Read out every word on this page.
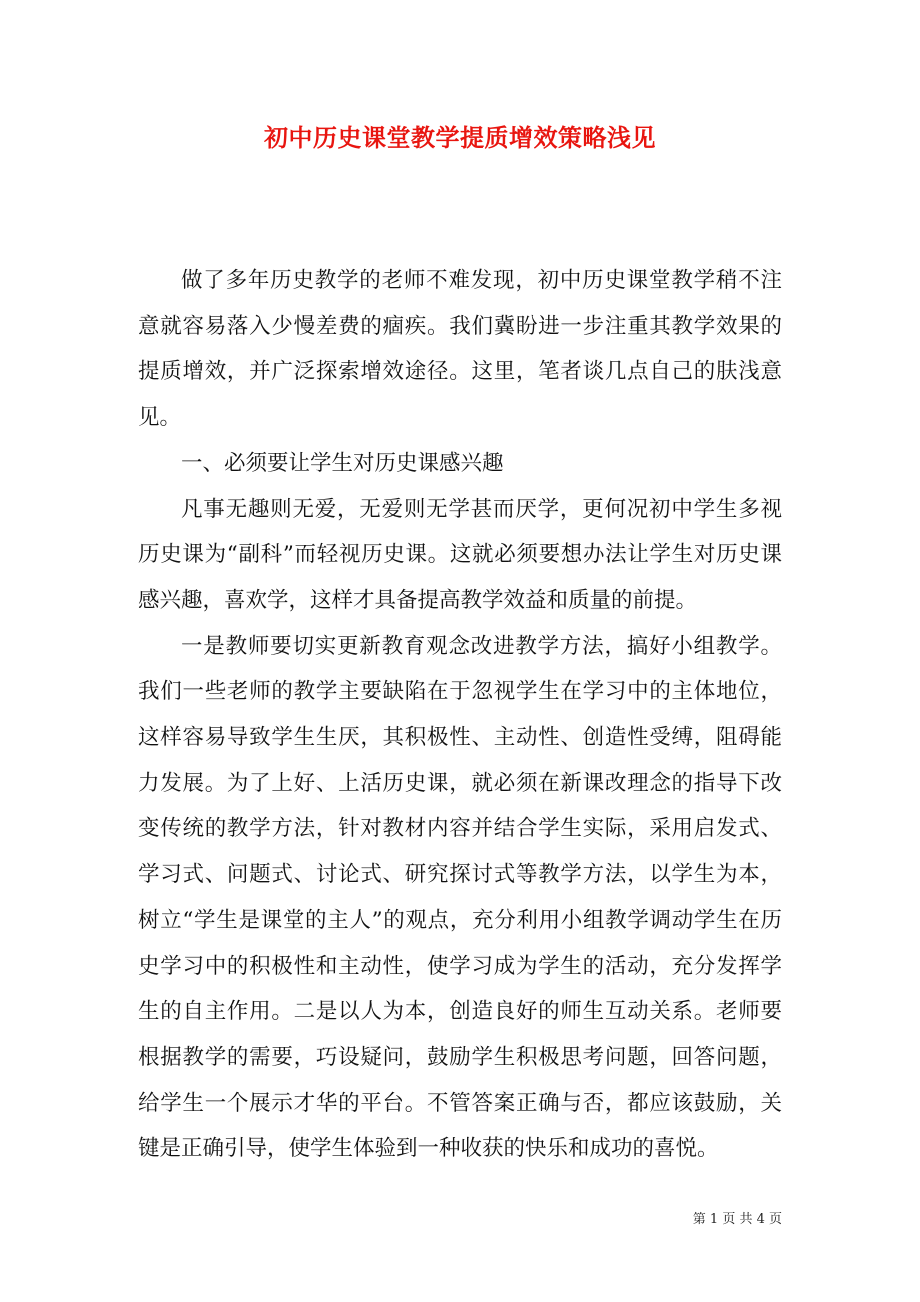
初中历史课堂教学提质增效策略浅见

做了多年历史教学的老师不难发现，初中历史课堂教学稍不注意就容易落入少慢差费的痼疾。我们冀盼进一步注重其教学效果的提质增效，并广泛探索增效途径。这里，笔者谈几点自己的肤浅意见。

一、必须要让学生对历史课感兴趣

凡事无趣则无爱，无爱则无学甚而厌学，更何况初中学生多视历史课为“副科”而轻视历史课。这就必须要想办法让学生对历史课感兴趣，喜欢学，这样才具备提高教学效益和质量的前提。

一是教师要切实更新教育观念改进教学方法，搞好小组教学。我们一些老师的教学主要缺陷在于忽视学生在学习中的主体地位，这样容易导致学生生厌，其积极性、主动性、创造性受缚，阻碍能力发展。为了上好、上活历史课，就必须在新课改理念的指导下改变传统的教学方法，针对教材内容并结合学生实际，采用启发式、学习式、问题式、讨论式、研究探讨式等教学方法，以学生为本，树立“学生是课堂的主人”的观点，充分利用小组教学调动学生在历史学习中的积极性和主动性，使学习成为学生的活动，充分发挥学生的自主作用。二是以人为本，创造良好的师生互动关系。老师要根据教学的需要，巧设疑问，鼓励学生积极思考问题，回答问题，给学生一个展示才华的平台。不管答案正确与否，都应该鼓励，关键是正确引导，使学生体验到一种收获的快乐和成功的喜悦。

第 1 页 共 4 页
